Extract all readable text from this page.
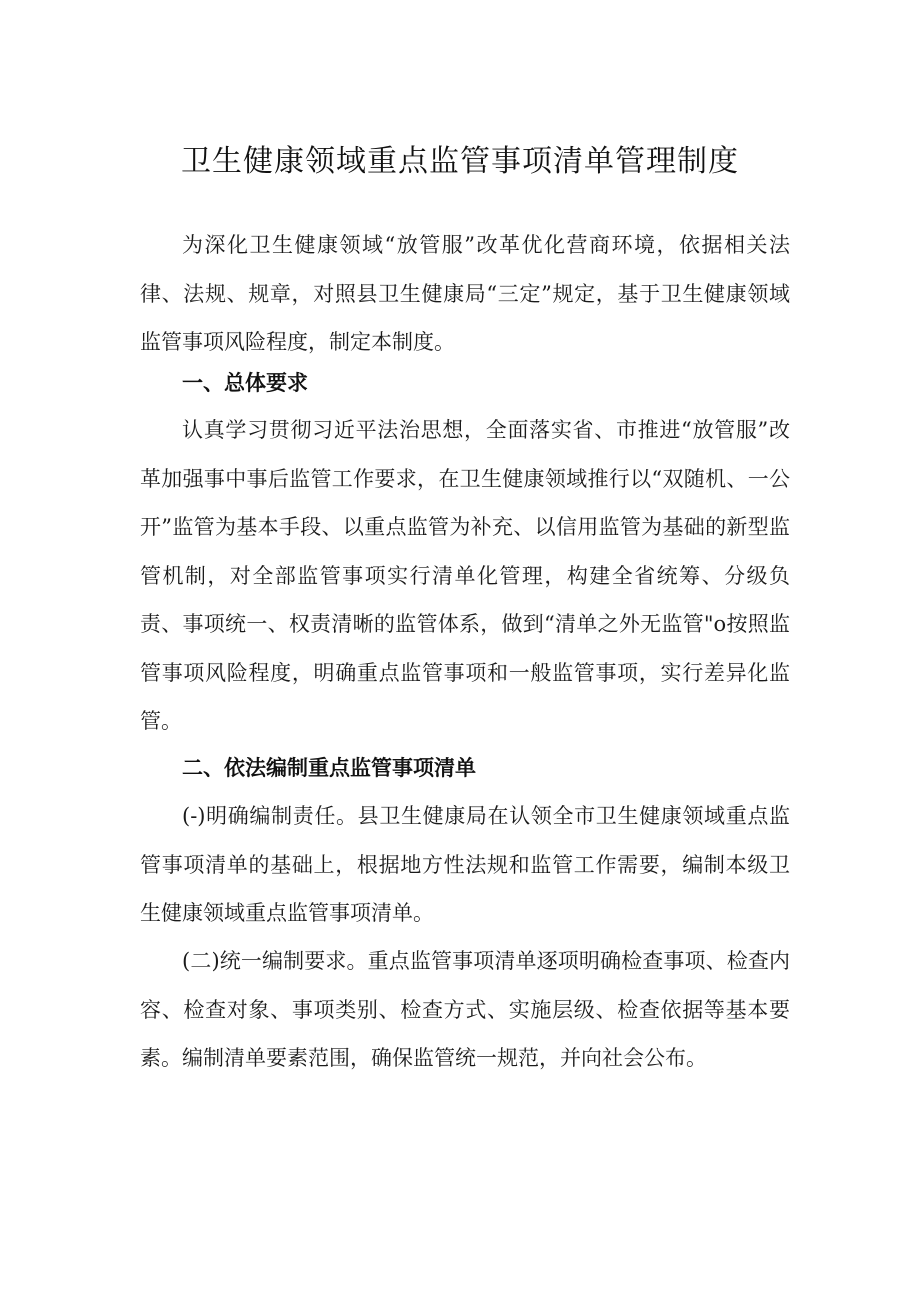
卫生健康领域重点监管事项清单管理制度

为深化卫生健康领域“放管服”改革优化营商环境，依据相关法律、法规、规章，对照县卫生健康局“三定”规定，基于卫生健康领域监管事项风险程度，制定本制度。

一、总体要求

认真学习贯彻习近平法治思想，全面落实省、市推进“放管服”改革加强事中事后监管工作要求，在卫生健康领域推行以“双随机、一公开”监管为基本手段、以重点监管为补充、以信用监管为基础的新型监管机制，对全部监管事项实行清单化管理，构建全省统筹、分级负责、事项统一、权责清晰的监管体系，做到“清单之外无监管"o按照监管事项风险程度，明确重点监管事项和一般监管事项，实行差异化监管。

二、依法编制重点监管事项清单

(-)明确编制责任。县卫生健康局在认领全市卫生健康领域重点监管事项清单的基础上，根据地方性法规和监管工作需要，编制本级卫生健康领域重点监管事项清单。

(二)统一编制要求。重点监管事项清单逐项明确检查事项、检查内容、检查对象、事项类别、检查方式、实施层级、检查依据等基本要素。编制清单要素范围，确保监管统一规范，并向社会公布。
